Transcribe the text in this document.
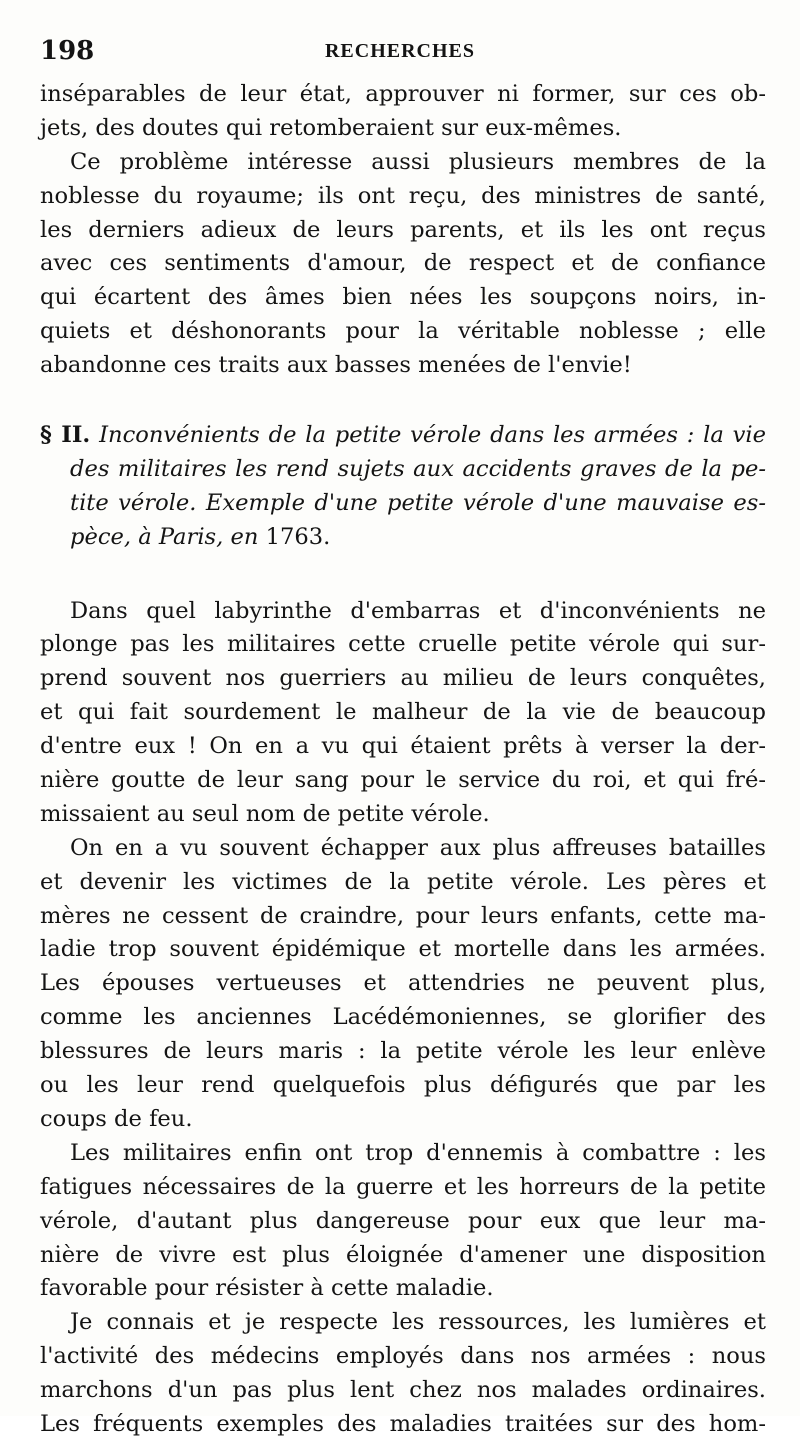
198	RECHERCHES
inséparables de leur état, approuver ni former, sur ces ob-
jets, des doutes qui retomberaient sur eux-mêmes.
Ce problème intéresse aussi plusieurs membres de la
noblesse du royaume; ils ont reçu, des ministres de santé,
les derniers adieux de leurs parents, et ils les ont reçus
avec ces sentiments d'amour, de respect et de confiance
qui écartent des âmes bien nées les soupçons noirs, in-
quiets et déshonorants pour la véritable noblesse ; elle
abandonne ces traits aux basses menées de l'envie!
§ II. Inconvénients de la petite vérole dans les armées : la vie
des militaires les rend sujets aux accidents graves de la pe-
tite vérole. Exemple d'une petite vérole d'une mauvaise es-
pèce, à Paris, en 1763.
Dans quel labyrinthe d'embarras et d'inconvénients ne
plonge pas les militaires cette cruelle petite vérole qui sur-
prend souvent nos guerriers au milieu de leurs conquêtes,
et qui fait sourdement le malheur de la vie de beaucoup
d'entre eux ! On en a vu qui étaient prêts à verser la der-
nière goutte de leur sang pour le service du roi, et qui fré-
missaient au seul nom de petite vérole.
On en a vu souvent échapper aux plus affreuses batailles
et devenir les victimes de la petite vérole. Les pères et
mères ne cessent de craindre, pour leurs enfants, cette ma-
ladie trop souvent épidémique et mortelle dans les armées.
Les épouses vertueuses et attendries ne peuvent plus,
comme les anciennes Lacédémoniennes, se glorifier des
blessures de leurs maris : la petite vérole les leur enlève
ou les leur rend quelquefois plus défigurés que par les
coups de feu.
Les militaires enfin ont trop d'ennemis à combattre : les
fatigues nécessaires de la guerre et les horreurs de la petite
vérole, d'autant plus dangereuse pour eux que leur ma-
nière de vivre est plus éloignée d'amener une disposition
favorable pour résister à cette maladie.
Je connais et je respecte les ressources, les lumières et
l'activité des médecins employés dans nos armées : nous
marchons d'un pas plus lent chez nos malades ordinaires.
Les fréquents exemples des maladies traitées sur des hom-
